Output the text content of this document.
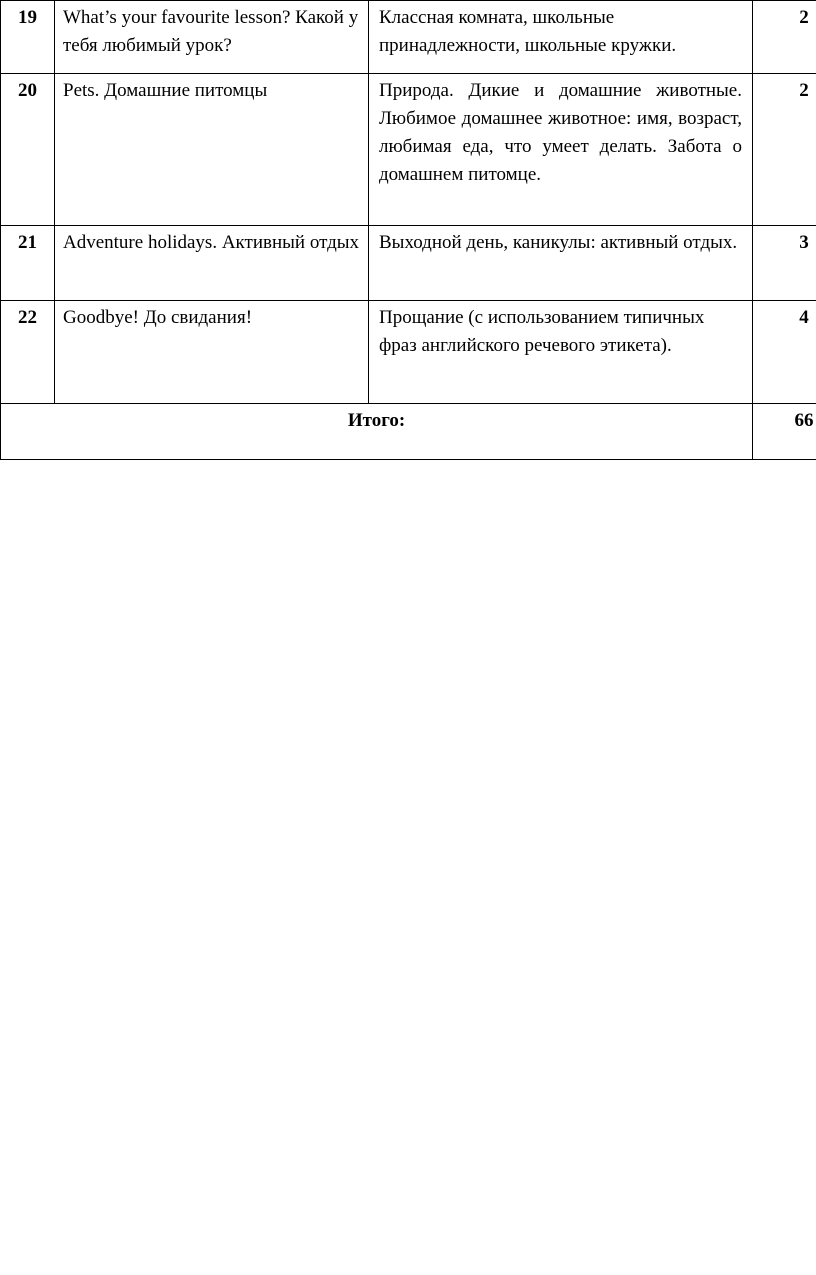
19	What’s your favourite lesson? Какой у тебя любимый урок?	Классная комната, школьные принадлежности, школьные кружки.	2
20	Pets. Домашние питомцы	Природа. Дикие и домашние животные. Любимое домашнее животное: имя, возраст, любимая еда, что умеет делать. Забота о домашнем питомце.	2
21	Adventure holidays. Активный отдых	Выходной день, каникулы: активный отдых.	3
22	Goodbye! До свидания!	Прощание (с использованием типичных фраз английского речевого этикета).	4
Итого:			66
